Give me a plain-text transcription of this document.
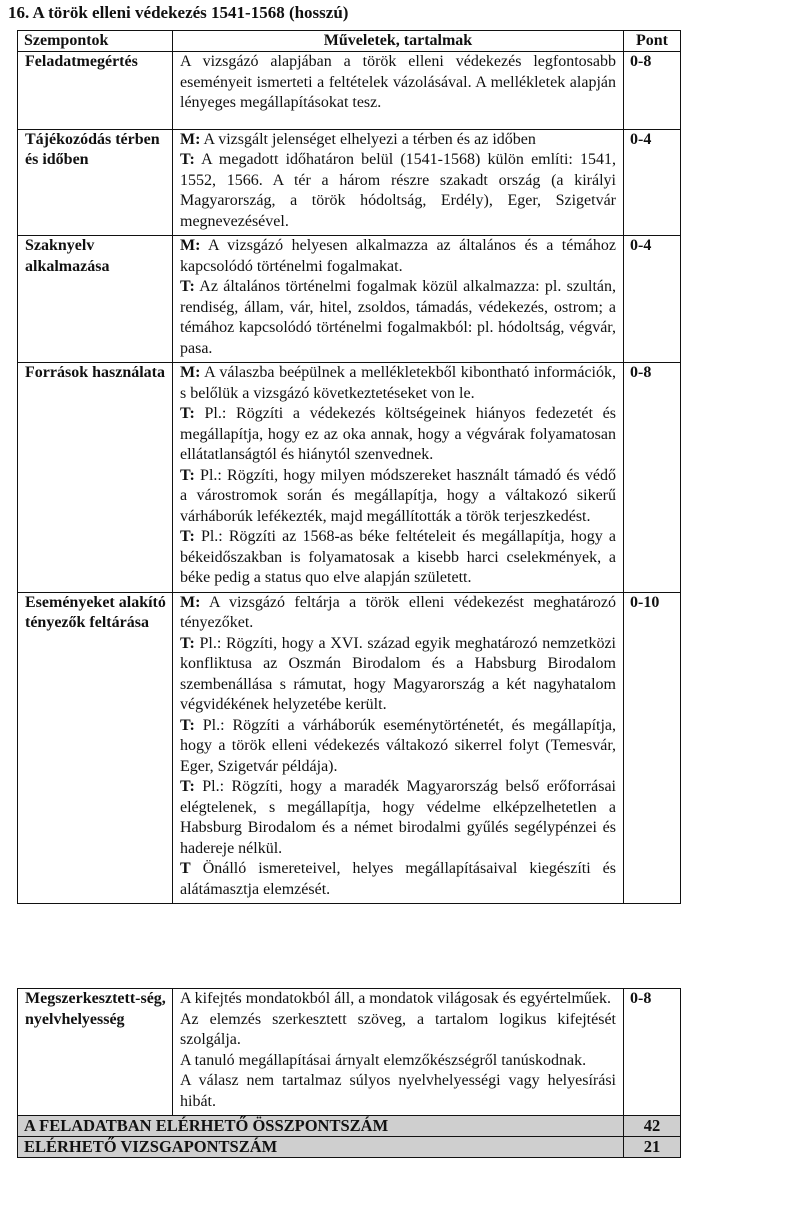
16. A török elleni védekezés 1541-1568 (hosszú)
Szempontok	Műveletek, tartalmak	Pont
Feladatmegértés	A vizsgázó alapjában a török elleni védekezés legfontosabb eseményeit ismerteti a feltételek vázolásával. A mellékletek alapján lényeges megállapításokat tesz.	0-8
Tájékozódás térben és időben	M: A vizsgált jelenséget elhelyezi a térben és az időben
T: A megadott időhatáron belül (1541-1568) külön említi: 1541, 1552, 1566. A tér a három részre szakadt ország (a királyi Magyarország, a török hódoltság, Erdély), Eger, Szigetvár megnevezésével.	0-4
Szaknyelv alkalmazása	M: A vizsgázó helyesen alkalmazza az általános és a témához kapcsolódó történelmi fogalmakat.
T: Az általános történelmi fogalmak közül alkalmazza: pl. szultán, rendiség, állam, vár, hitel, zsoldos, támadás, védekezés, ostrom; a témához kapcsolódó történelmi fogalmakból: pl. hódoltság, végvár, pasa.	0-4
Források használata	M: A válaszba beépülnek a mellékletekből kibontható információk, s belőlük a vizsgázó következtetéseket von le.
T: Pl.: Rögzíti a védekezés költségeinek hiányos fedezetét és megállapítja, hogy ez az oka annak, hogy a végvárak folyamatosan ellátatlanságtól és hiánytól szenvednek.
T: Pl.: Rögzíti, hogy milyen módszereket használt támadó és védő a várostromok során és megállapítja, hogy a váltakozó sikerű várháborúk lefékezték, majd megállították a török terjeszkedést.
T: Pl.: Rögzíti az 1568-as béke feltételeit és megállapítja, hogy a békeidőszakban is folyamatosak a kisebb harci cselekmények, a béke pedig a status quo elve alapján született.	0-8
Eseményeket alakító tényezők feltárása	M: A vizsgázó feltárja a török elleni védekezést meghatározó tényezőket.
T: Pl.: Rögzíti, hogy a XVI. század egyik meghatározó nemzetközi konfliktusa az Oszmán Birodalom és a Habsburg Birodalom szembenállása s rámutat, hogy Magyarország a két nagyhatalom végvidékének helyzetébe került.
T: Pl.: Rögzíti a várháborúk eseménytörténetét, és megállapítja, hogy a török elleni védekezés váltakozó sikerrel folyt (Temesvár, Eger, Szigetvár példája).
T: Pl.: Rögzíti, hogy a maradék Magyarország belső erőforrásai elégtelenek, s megállapítja, hogy védelme elképzelhetetlen a Habsburg Birodalom és a német birodalmi gyűlés segélypénzei és hadereje nélkül.
T Önálló ismereteivel, helyes megállapításaival kiegészíti és alátámasztja elemzését.	0-10
Megszerkesztett-ség, nyelvhelyesség	A kifejtés mondatokból áll, a mondatok világosak és egyértelműek.
Az elemzés szerkesztett szöveg, a tartalom logikus kifejtését szolgálja.
A tanuló megállapításai árnyalt elemzőkészségről tanúskodnak.
A válasz nem tartalmaz súlyos nyelvhelyességi vagy helyesírási hibát.	0-8
A FELADATBAN ELÉRHETŐ ÖSSZPONTSZÁM		42
ELÉRHETŐ VIZSGAPONTSZÁM		21
